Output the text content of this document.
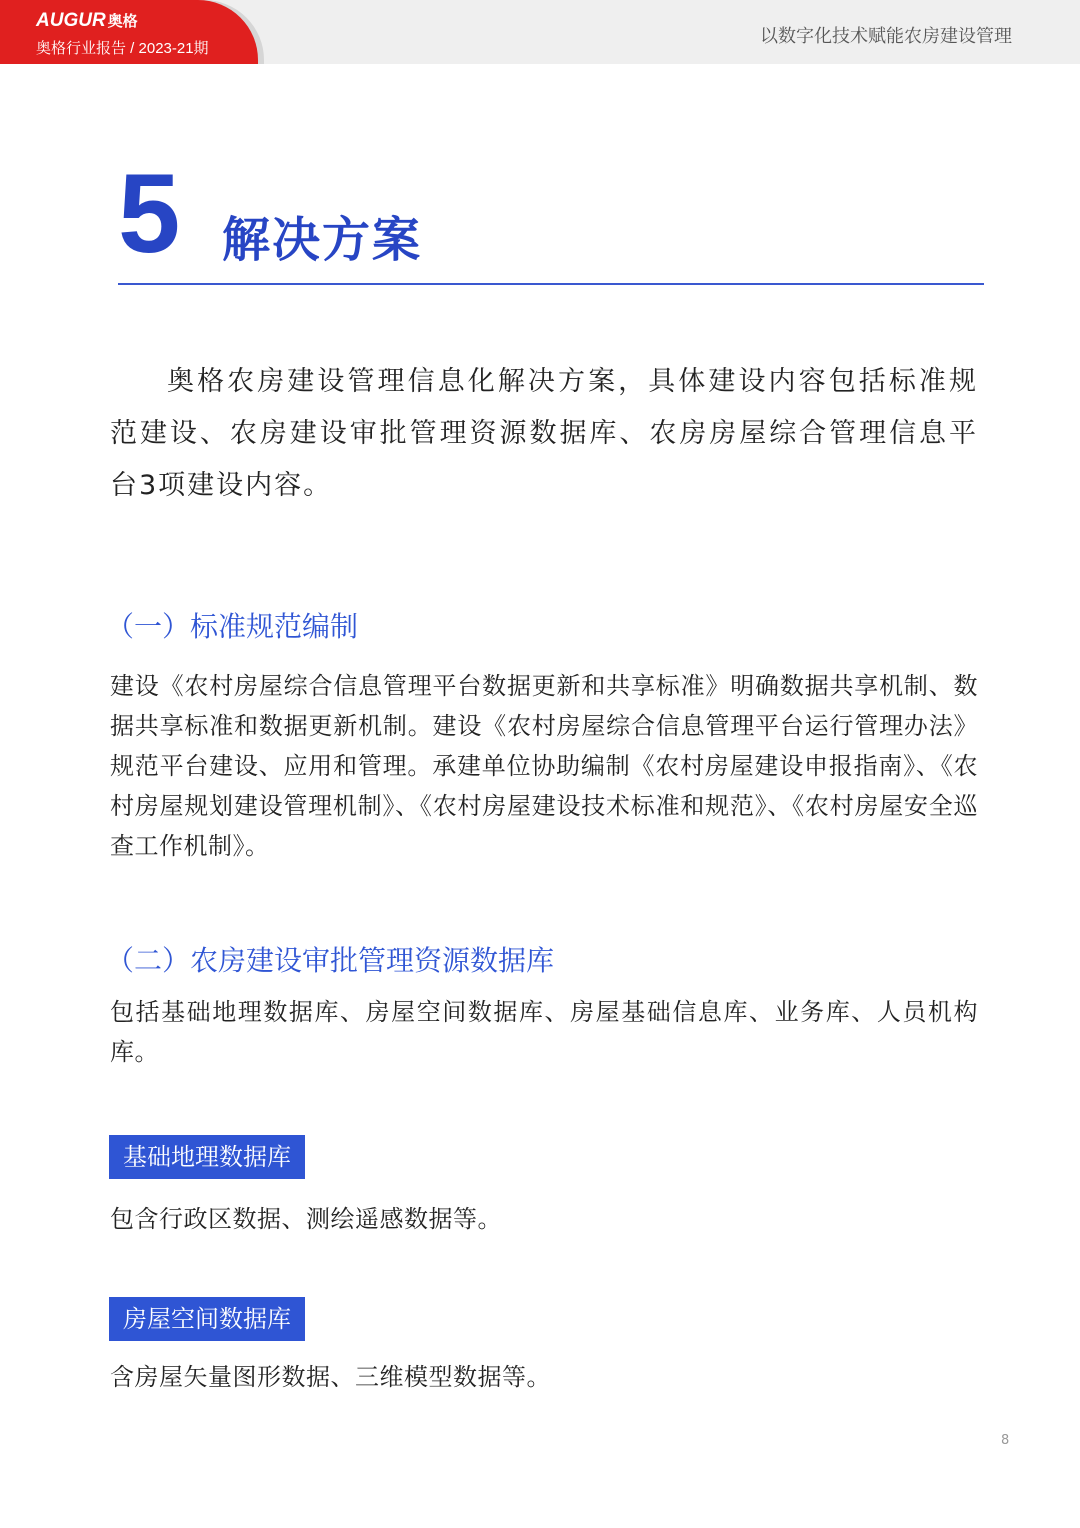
AUGUR 奥格
奥格行业报告 / 2023-21期
以数字化技术赋能农房建设管理
5 解决方案

奥格农房建设管理信息化解决方案，具体建设内容包括标准规范建设、农房建设审批管理资源数据库、农房房屋综合管理信息平台3项建设内容。

（一）标准规范编制

建设《农村房屋综合信息管理平台数据更新和共享标准》明确数据共享机制、数据共享标准和数据更新机制。建设《农村房屋综合信息管理平台运行管理办法》规范平台建设、应用和管理。承建单位协助编制《农村房屋建设申报指南》、《农村房屋规划建设管理机制》、《农村房屋建设技术标准和规范》、《农村房屋安全巡查工作机制》。

（二）农房建设审批管理资源数据库

包括基础地理数据库、房屋空间数据库、房屋基础信息库、业务库、人员机构库。

基础地理数据库

包含行政区数据、测绘遥感数据等。

房屋空间数据库

含房屋矢量图形数据、三维模型数据等。

8
